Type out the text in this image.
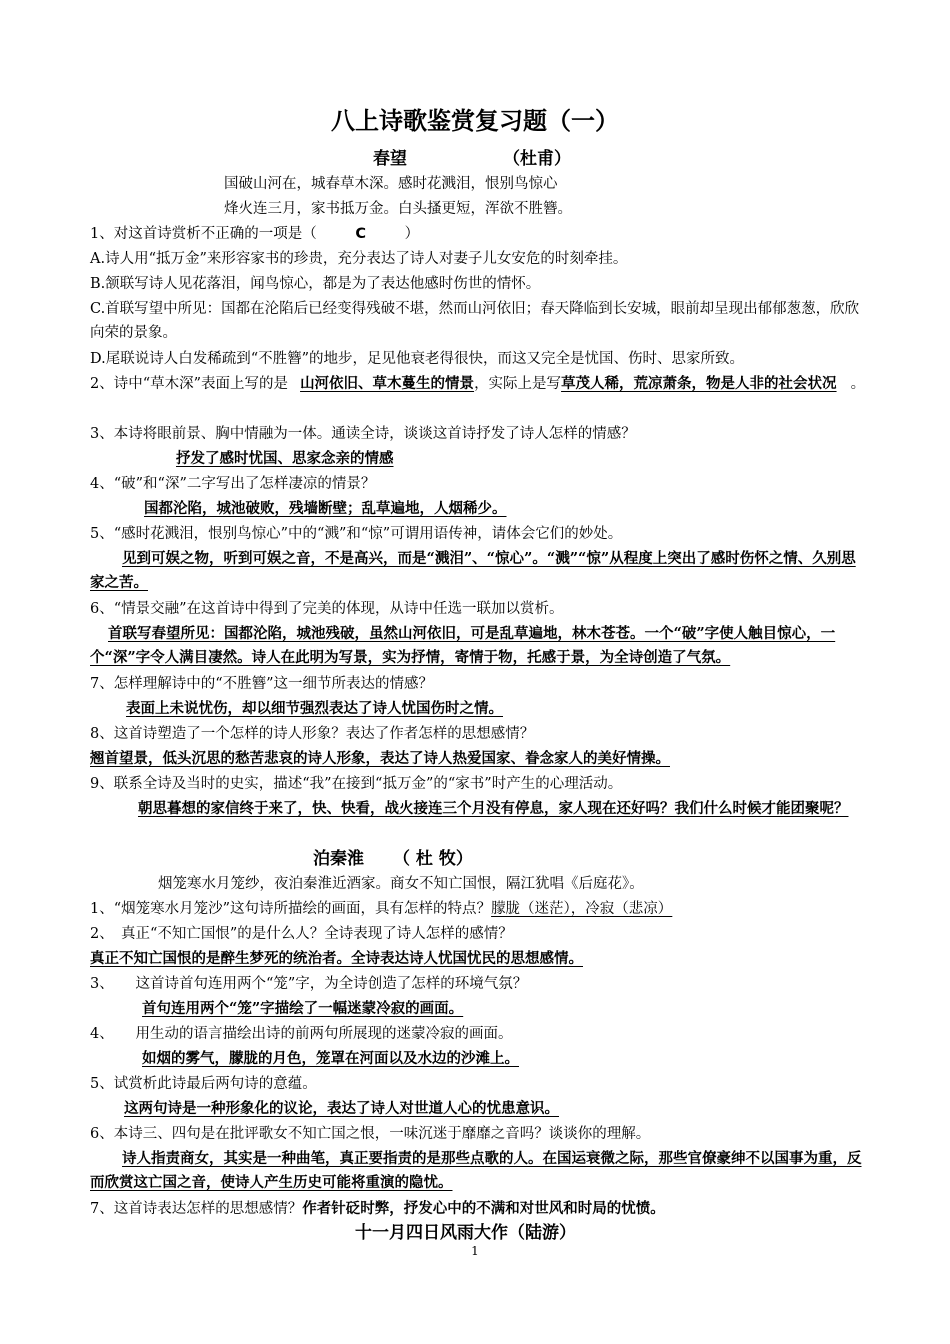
八上诗歌鉴赏复习题（一）
春望	（杜甫）
国破山河在，城春草木深。感时花溅泪，恨别鸟惊心
烽火连三月，家书抵万金。白头搔更短，浑欲不胜簪。
1、对这首诗赏析不正确的一项是（	C	）
A.诗人用“抵万金”来形容家书的珍贵，充分表达了诗人对妻子儿女安危的时刻牵挂。
B.颔联写诗人见花落泪，闻鸟惊心，都是为了表达他感时伤世的情怀。
C.首联写望中所见：国都在沦陷后已经变得残破不堪，然而山河依旧；春天降临到长安城，眼前却呈现出郁郁葱葱，欣欣向荣的景象。
D.尾联说诗人白发稀疏到“不胜簪”的地步，足见他衰老得很快，而这又完全是忧国、伤时、思家所致。
2、诗中“草木深”表面上写的是 山河依旧、草木蔓生的情景，实际上是写草茂人稀，荒凉萧条，物是人非的社会状况 。
3、本诗将眼前景、胸中情融为一体。通读全诗，谈谈这首诗抒发了诗人怎样的情感？
抒发了感时忧国、思家念亲的情感
4、“破”和“深”二字写出了怎样凄凉的情景？
国都沦陷，城池破败，残墙断壁；乱草遍地，人烟稀少。
5、“感时花溅泪，恨别鸟惊心”中的“溅”和“惊”可谓用语传神，请体会它们的妙处。
见到可娱之物，听到可娱之音，不是高兴，而是“溅泪”、“惊心”。“溅”“惊”从程度上突出了感时伤怀之情、久别思家之苦。
6、“情景交融”在这首诗中得到了完美的体现，从诗中任选一联加以赏析。
首联写春望所见：国都沦陷，城池残破，虽然山河依旧，可是乱草遍地，林木苍苍。一个“破”字使人触目惊心，一个“深”字令人满目凄然。诗人在此明为写景，实为抒情，寄情于物，托感于景，为全诗创造了气氛。
7、怎样理解诗中的“不胜簪”这一细节所表达的情感？
表面上未说忧伤，却以细节强烈表达了诗人忧国伤时之情。
8、这首诗塑造了一个怎样的诗人形象？表达了作者怎样的思想感情？
翘首望景，低头沉思的愁苦悲哀的诗人形象，表达了诗人热爱国家、眷念家人的美好情操。
9、联系全诗及当时的史实，描述“我”在接到“抵万金”的“家书”时产生的心理活动。
朝思暮想的家信终于来了，快、快看，战火接连三个月没有停息，家人现在还好吗？我们什么时候才能团聚呢？
泊秦淮 （ 杜 牧）
烟笼寒水月笼纱，夜泊秦淮近酒家。商女不知亡国恨，隔江犹唱《后庭花》。
1、“烟笼寒水月笼沙”这句诗所描绘的画面，具有怎样的特点？朦胧（迷茫），冷寂（悲凉）
2、　真正“不知亡国恨”的是什么人？全诗表现了诗人怎样的感情？
真正不知亡国恨的是醉生梦死的统治者。全诗表达诗人忧国忧民的思想感情。
3、　　这首诗首句连用两个“笼”字，为全诗创造了怎样的环境气氛？
首句连用两个“笼”字描绘了一幅迷蒙冷寂的画面。
4、　　用生动的语言描绘出诗的前两句所展现的迷蒙冷寂的画面。
如烟的雾气，朦胧的月色，笼罩在河面以及水边的沙滩上。
5、试赏析此诗最后两句诗的意蕴。
这两句诗是一种形象化的议论，表达了诗人对世道人心的忧患意识。
6、本诗三、四句是在批评歌女不知亡国之恨，一味沉迷于靡靡之音吗？谈谈你的理解。
诗人指责商女，其实是一种曲笔，真正要指责的是那些点歌的人。在国运衰微之际，那些官僚豪绅不以国事为重，反而欣赏这亡国之音，使诗人产生历史可能将重演的隐忧。
7、这首诗表达怎样的思想感情？作者针砭时弊，抒发心中的不满和对世风和时局的忧愤。
十一月四日风雨大作（陆游）
1
